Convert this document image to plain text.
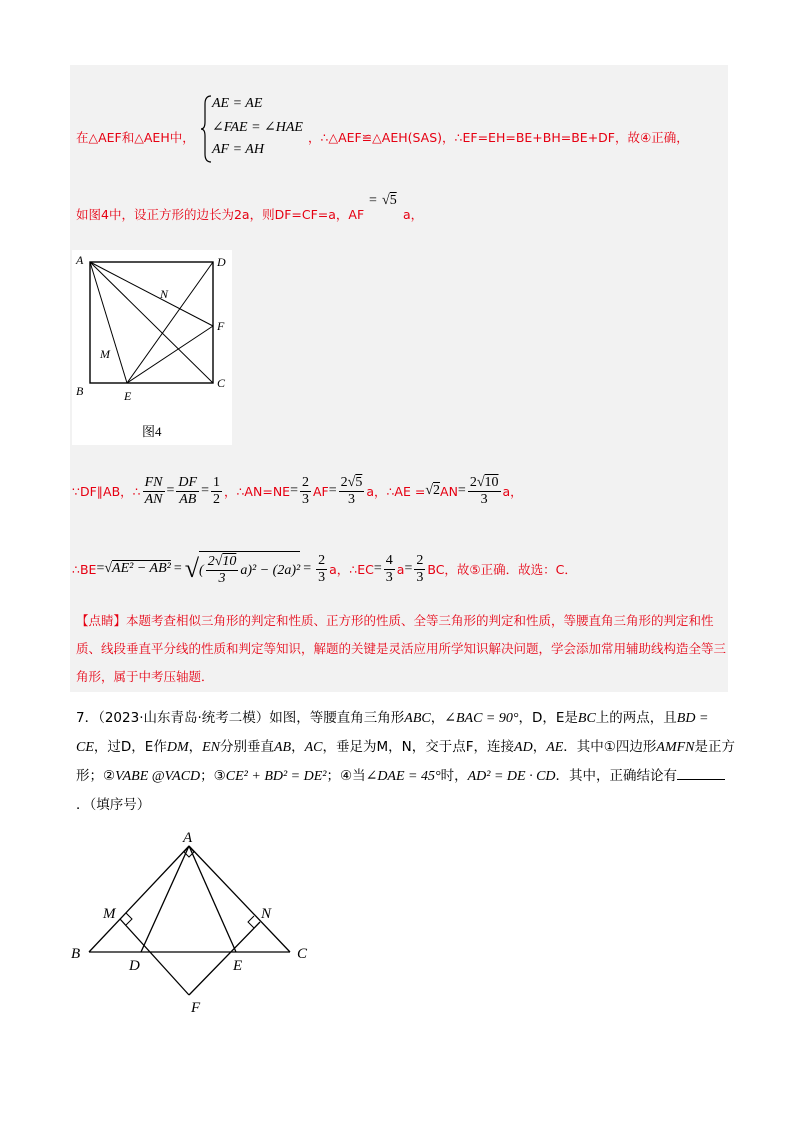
在△AEF和△AEH中，
AE = AE
∠FAE = ∠HAE
AF = AH
，∴△AEF≌△AEH(SAS)，∴EF=EH=BE+BH=BE+DF，故④正确，
如图4中，设正方形的边长为2a，则DF=CF=a，AF
= √5
a，
A	D
N
F
M
B	E
C
图4
∵DF∥AB，∴ $\frac{FN}{AN} = \frac{DF}{AB} = \frac{1}{2}$ ，∴AN=NE = $\frac{2}{3}$ AF = $\frac{2√5}{3}$ a，∴AE = √2 AN = $\frac{2√10}{3}$ a，
∴BE = √AE² − AB² = √ ( $\frac{2√10}{3} a)^2 - (2a)^2 = \frac{2}{3}$ a，∴EC = $\frac{4}{3}$ $a = \frac{2}{3}$ BC，故⑤正确．故选：C．
【点睛】本题考查相似三角形的判定和性质、正方形的性质、全等三角形的判定和性质，等腰直角三角形的判定和性质、线段垂直平分线的性质和判定等知识，解题的关键是灵活应用所学知识解决问题，学会添加常用辅助线构造全等三角形，属于中考压轴题．
7．（2023·山东青岛·统考二模）如图，等腰直角三角形ABC，∠BAC = 90°，D，E是BC上的两点，且BD = CE，过D，E作DM，EN分别垂直AB，AC，垂足为M，N，交于点F，连接AD，AE．其中①四边形AMFN是正方形；②VABE @VACD；③CE² + BD² = DE²；④当∠DAE = 45°时，AD² = DE · CD．其中，正确结论有．（填序号）
A
M	N
B
D	E
C
F
